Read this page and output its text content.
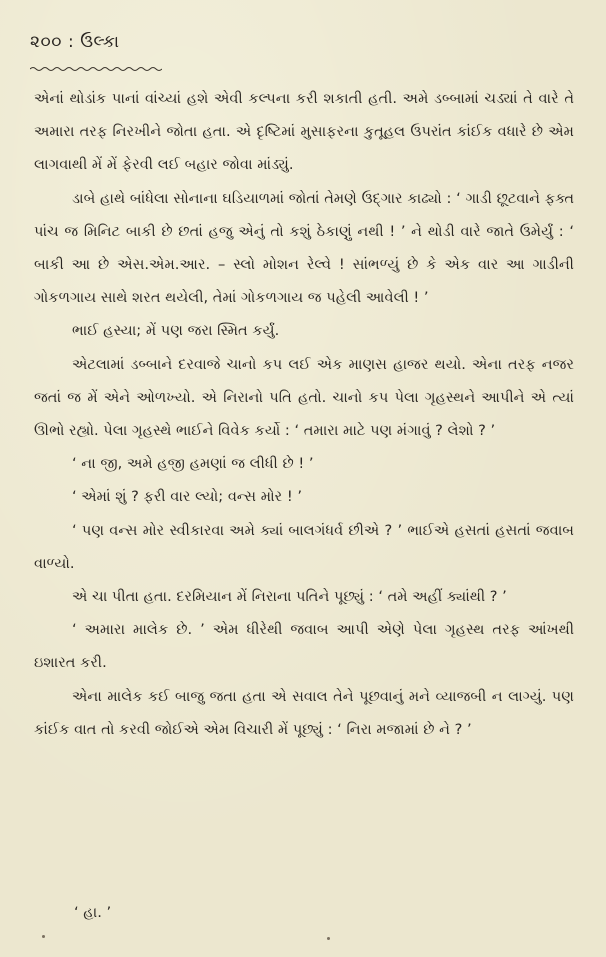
૨૦૦ : ઉલ્કા

એનાં થોડાંક પાનાં વાંચ્યાં હશે એવી કલ્પના કરી શકાતી હતી. અમે ડબ્બામાં ચડ્યાં તે વારે તે અમારા તરફ નિરખીને જોતા હતા. એ દૃષ્ટિમાં મુસાફરના કુતૂહલ ઉપરાંત કાંઈક વધારે છે એમ લાગવાથી મેં મેં ફેરવી લઈ બહાર જોવા માંડ્યું.

ડાબે હાથે બાંધેલા સોનાના ઘડિયાળમાં જોતાં તેમણે ઉદ્ગાર કાઢ્યો : ‘ ગાડી છૂટવાને ફક્ત પાંચ જ મિનિટ બાકી છે છતાં હજુ એનું તો કશું ઠેકાણું નથી ! ’ ને થોડી વારે જાતે ઉમેર્યું : ‘ બાકી આ છે એસ.એમ.આર. – સ્લો મોશન રેલ્વે ! સાંભળ્યું છે કે એક વાર આ ગાડીની ગોકળગાય સાથે શરત થયેલી, તેમાં ગોકળગાય જ પહેલી આવેલી ! ’

ભાઈ હસ્યા; મેં પણ જરા સ્મિત કર્યું.

એટલામાં ડબ્બાને દરવાજે ચાનો કપ લઈ એક માણસ હાજર થયો. એના તરફ નજર જતાં જ મેં એને ઓળખ્યો. એ નિરાનો પતિ હતો. ચાનો કપ પેલા ગૃહસ્થને આપીને એ ત્યાં ઊભો રહ્યો. પેલા ગૃહસ્થે ભાઈને વિવેક કર્યો : ‘ તમારા માટે પણ મંગાવું ? લેશો ? ’

‘ ના જી, અમે હજી હમણાં જ લીધી છે ! ’

‘ એમાં શું ? ફરી વાર લ્યો; વન્સ મોર ! ’

‘ પણ વન્સ મોર સ્વીકારવા અમે ક્યાં બાલગંધર્વ છીએ ? ’ ભાઈએ હસતાં હસતાં જવાબ વાળ્યો.

એ ચા પીતા હતા. દરમિયાન મેં નિરાના પતિને પૂછ્યું : ‘ તમે અહીં ક્યાંથી ? ’

‘ અમારા માલેક છે. ’ એમ ધીરેથી જવાબ આપી એણે પેલા ગૃહસ્થ તરફ આંખથી ઇશારત કરી.

એના માલેક કઈ બાજુ જતા હતા એ સવાલ તેને પૂછવાનું મને વ્યાજબી ન લાગ્યું. પણ કાંઈક વાત તો કરવી જોઈએ એમ વિચારી મેં પૂછ્યું : ‘ નિરા મજામાં છે ને ? ’

‘ હા. ’
